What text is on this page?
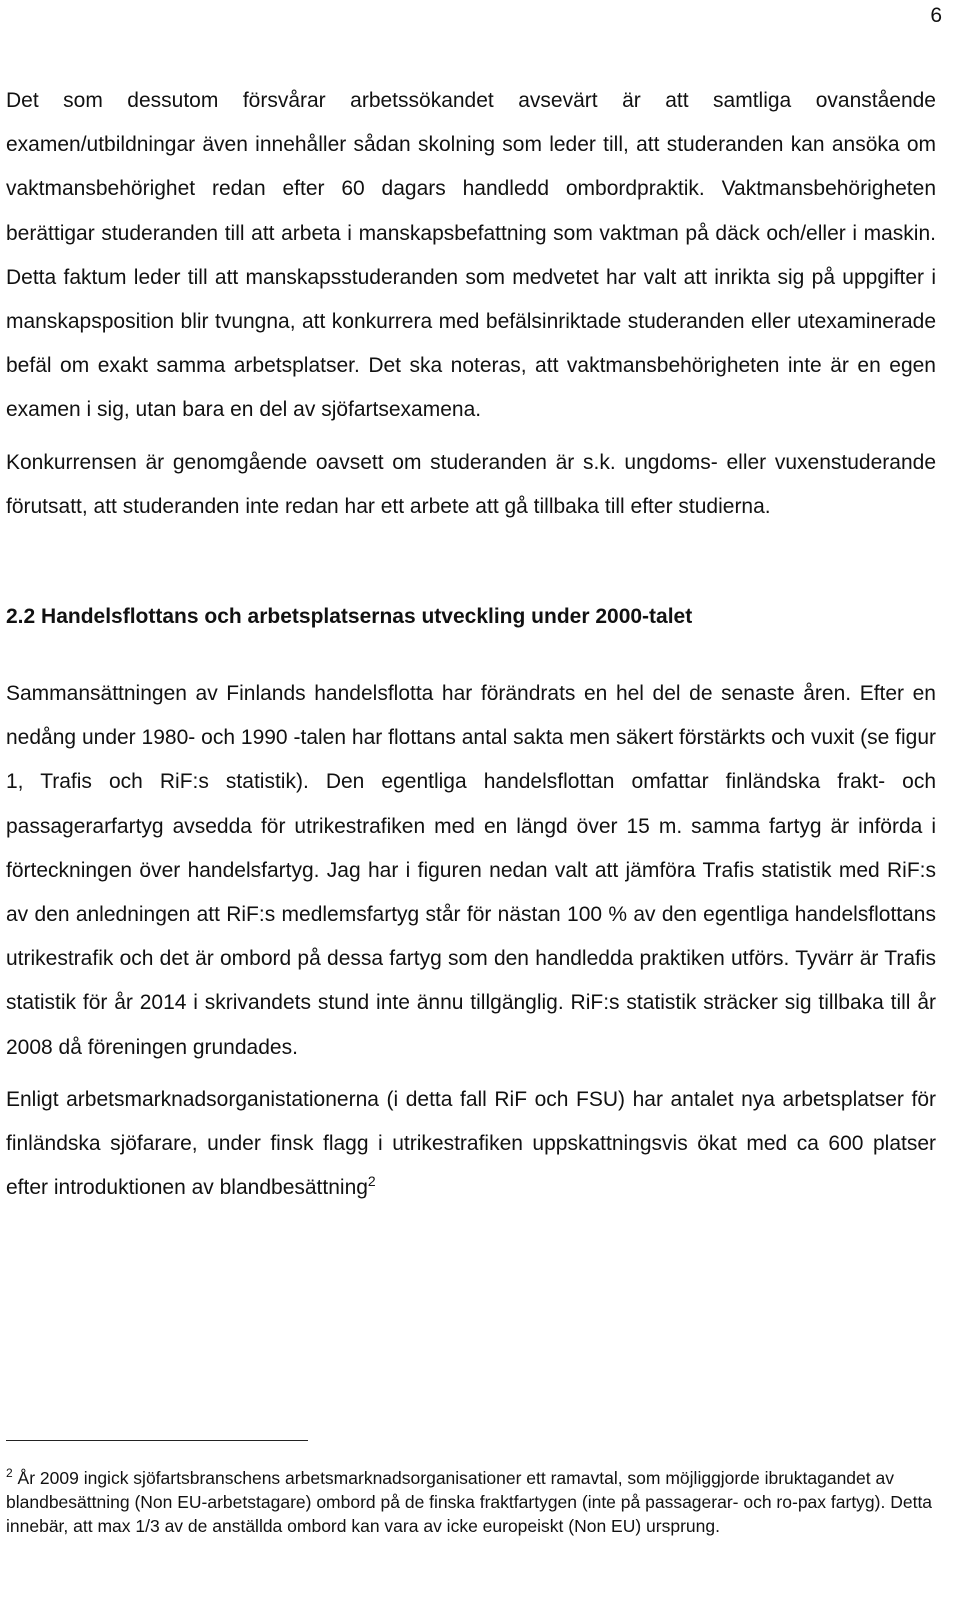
6

Det som dessutom försvårar arbetssökandet avsevärt är att samtliga ovanstående examen/utbildningar även innehåller sådan skolning som leder till, att studeranden kan ansöka om vaktmansbehörighet redan efter 60 dagars handledd ombordpraktik. Vaktmansbehörigheten berättigar studeranden till att arbeta i manskapsbefattning som vaktman på däck och/eller i maskin. Detta faktum leder till att manskapsstuderanden som medvetet har valt att inrikta sig på uppgifter i manskapsposition blir tvungna, att konkurrera med befälsinriktade studeranden eller utexaminerade befäl om exakt samma arbetsplatser. Det ska noteras, att vaktmansbehörigheten inte är en egen examen i sig, utan bara en del av sjöfartsexamena.

Konkurrensen är genomgående oavsett om studeranden är s.k. ungdoms- eller vuxenstuderande förutsatt, att studeranden inte redan har ett arbete att gå tillbaka till efter studierna.

2.2 Handelsflottans och arbetsplatsernas utveckling under 2000-talet

Sammansättningen av Finlands handelsflotta har förändrats en hel del de senaste åren. Efter en nedång under 1980- och 1990 -talen har flottans antal sakta men säkert förstärkts och vuxit (se figur 1, Trafis och RiF:s statistik). Den egentliga handelsflottan omfattar finländska frakt- och passagerarfartyg avsedda för utrikestrafiken med en längd över 15 m. samma fartyg är införda i förteckningen över handelsfartyg. Jag har i figuren nedan valt att jämföra Trafis statistik med RiF:s av den anledningen att RiF:s medlemsfartyg står för nästan 100 % av den egentliga handelsflottans utrikestrafik och det är ombord på dessa fartyg som den handledda praktiken utförs. Tyvärr är Trafis statistik för år 2014 i skrivandets stund inte ännu tillgänglig. RiF:s statistik sträcker sig tillbaka till år 2008 då föreningen grundades.

Enligt arbetsmarknadsorganistationerna (i detta fall RiF och FSU) har antalet nya arbetsplatser för finländska sjöfarare, under finsk flagg i utrikestrafiken uppskattningsvis ökat med ca 600 platser efter introduktionen av blandbesättning$^2$

$^2$ År 2009 ingick sjöfartsbranschens arbetsmarknadsorganisationer ett ramavtal, som möjliggjorde ibruktagandet av blandbesättning (Non EU-arbetstagare) ombord på de finska fraktfartygen (inte på passagerar- och ro-pax fartyg). Detta innebär, att max 1/3 av de anställda ombord kan vara av icke europeiskt (Non EU) ursprung.
